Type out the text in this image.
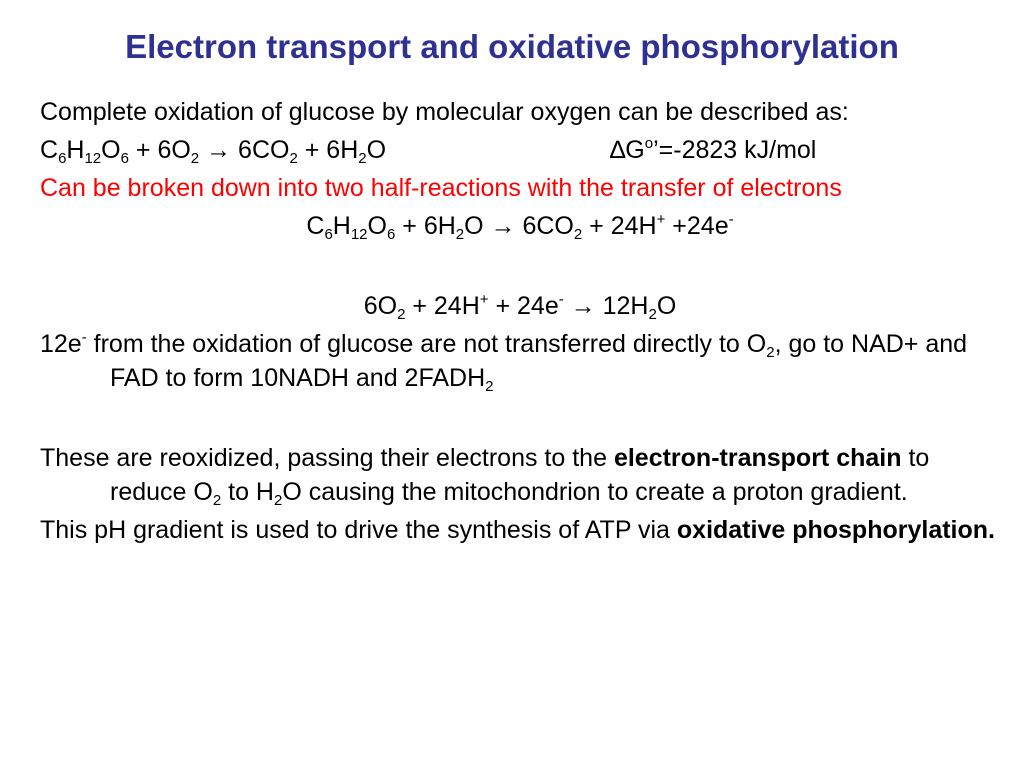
Electron transport and oxidative phosphorylation

Complete oxidation of glucose by molecular oxygen can be described as:

$C_6H_{12}O_6 + 6O_2 \to 6CO_2 + 6H_2O$	$\Delta G^o’=-2823$ kJ/mol

Can be broken down into two half-reactions with the transfer of electrons

$C_6H_{12}O_6 + 6H_2O \to 6CO_2 + 24H^+ +24e^-$

$6O_2 + 24H^+ + 24e^- \to 12H_2O$

12e- from the oxidation of glucose are not transferred directly to $O_2$, go to NAD+ and FAD to form 10NADH and $2FADH_2$

These are reoxidized, passing their electrons to the electron-transport chain to reduce $O_2$ to $H_2O$ causing the mitochondrion to create a proton gradient.

This pH gradient is used to drive the synthesis of ATP via oxidative phosphorylation.
